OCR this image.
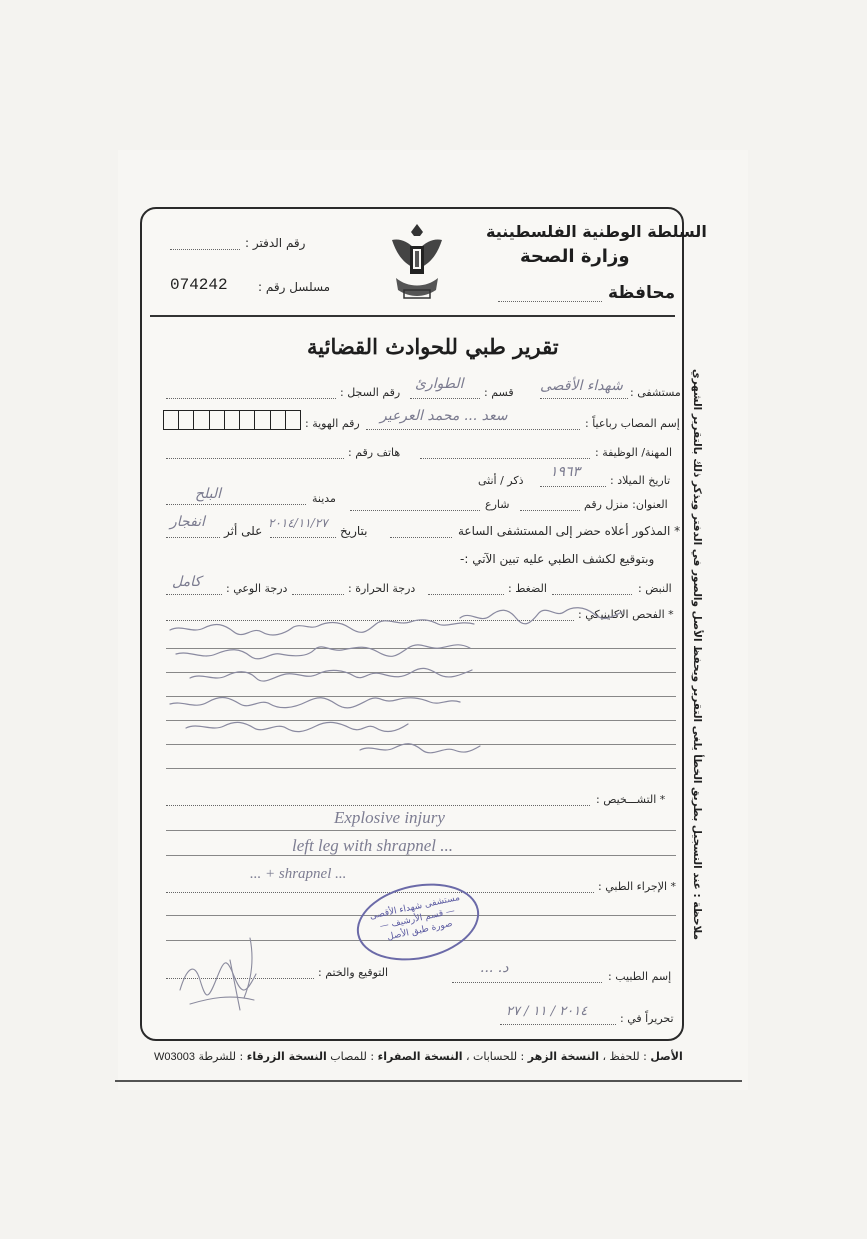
رقم الدفتر :
مسلسل رقم :
074242
السلطة الوطنية الفلسطينية
وزارة الصحة
محافظة
تقرير طبي للحوادث القضائية
ملاحظة : عند التسجيل بطريق الخطأ يلغى التقرير ويحفظ الأصل والصور في الدفتر ويذكر ذلك بالتقرير الشهري
مستشفى :
شهداء الأقصى
قسم :
الطوارئ
رقم السجل :
إسم المصاب رباعياً :
سعد ... محمد العرعير
رقم الهوية :
المهنة/ الوظيفة :
هاتف رقم :
تاريخ الميلاد :
١٩٦٣
ذكر / أنثى
العنوان: منزل رقم
شارع
مدينة
البلح
* المذكور أعلاه حضر إلى المستشفى الساعة
بتاريخ
٢٠١٤/١١/٢٧
على أثر
انفجار
وبتوقيع لكشف الطبي عليه تبين الآتي :-
النبض :
الضغط :
درجة الحرارة :
درجة الوعي :
كامل
* الفحص الاكلينيكي :
* التشـــخيص :
Explosive injury
left leg with shrapnel ...
* الإجراء الطبي :
... + shrapnel ...
مستشفى شهداء الأقصى — قسم الأرشيف — صورة طبق الأصل
إسم الطبيب :
د. ...
التوقيع والختم :
تحريراً في :
٢٠١٤ / ١١ / ٢٧
الأصل : للحفظ ، النسخة الزهر : للحسابات ، النسخة الصفراء : للمصاب النسخة الزرقاء : للشرطة W03003
